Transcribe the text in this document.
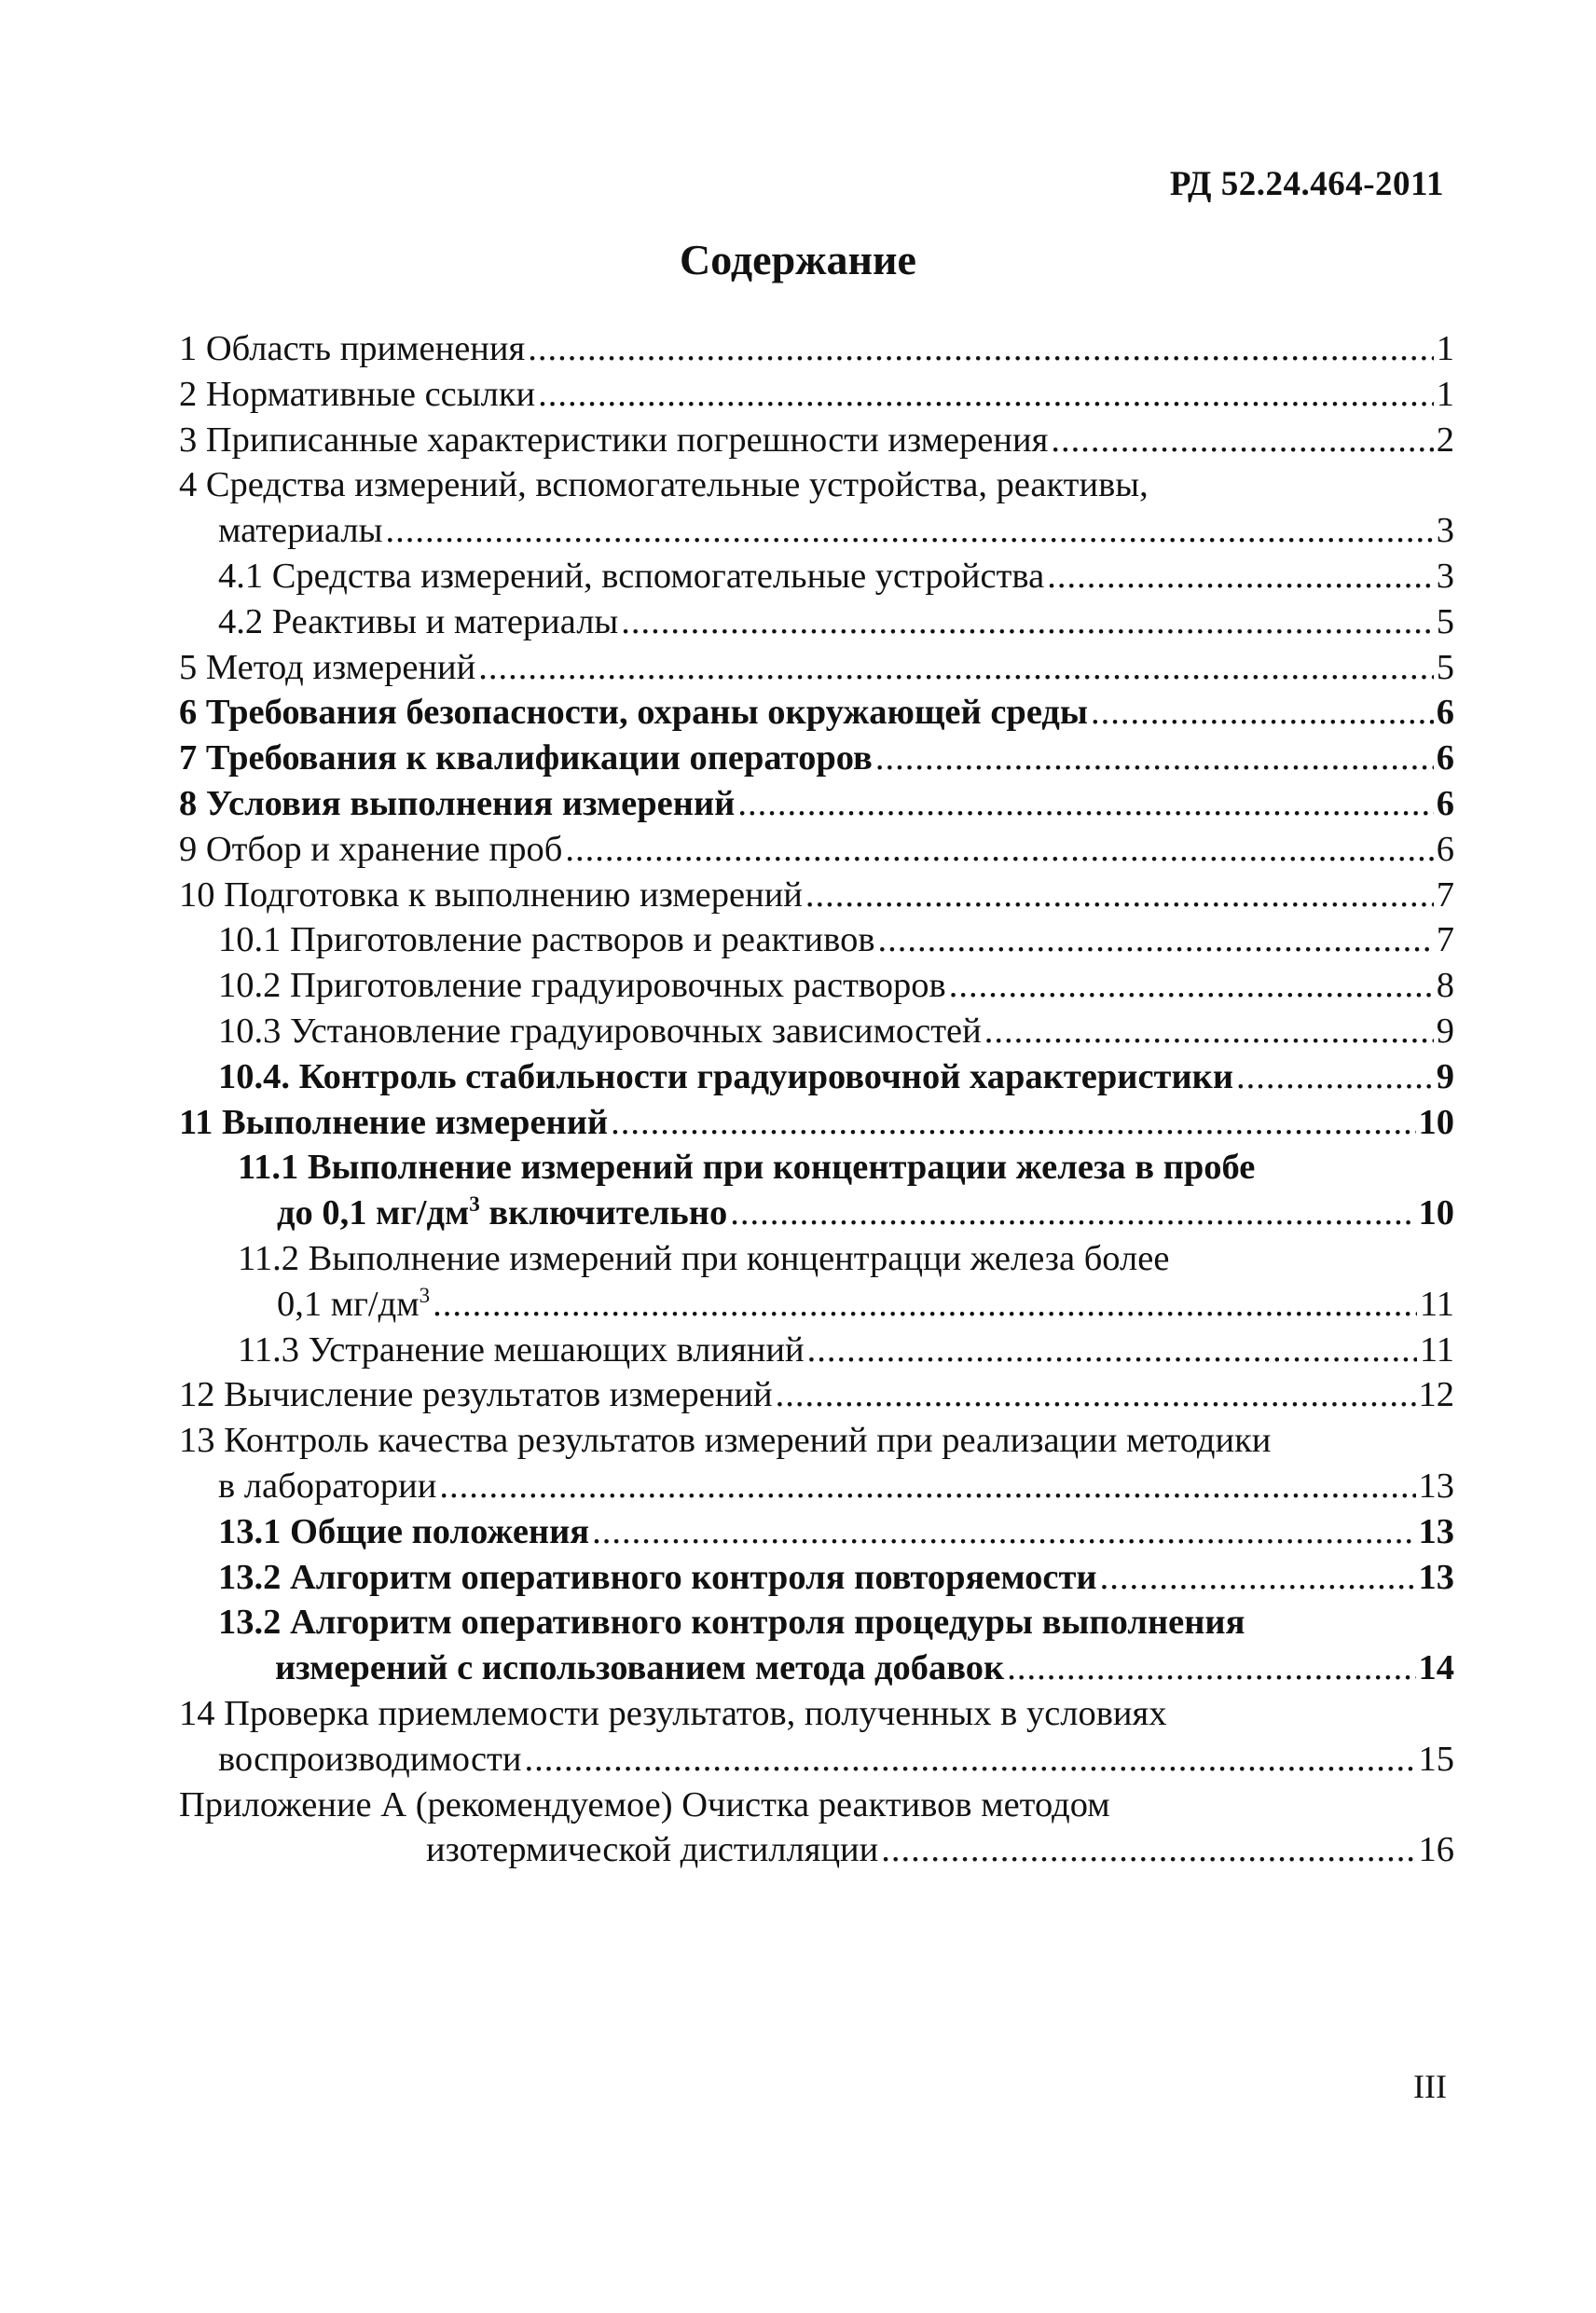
РД 52.24.464-2011
Содержание
1 Область применения .....	1
2 Нормативные ссылки .....	1
3 Приписанные характеристики погрешности измерения .....	2
4 Средства измерений, вспомогательные устройства, реактивы,
материалы .....	3
4.1 Средства измерений, вспомогательные устройства .....	3
4.2 Реактивы и материалы .....	5
5 Метод измерений .....	5
6 Требования безопасности, охраны окружающей среды .....	6
7 Требования к квалификации операторов .....	6
8 Условия выполнения измерений .....	6
9 Отбор и хранение проб .....	6
10 Подготовка к выполнению измерений .....	7
10.1 Приготовление растворов и реактивов .....	7
10.2 Приготовление градуировочных растворов .....	8
10.3 Установление градуировочных зависимостей .....	9
10.4. Контроль стабильности градуировочной характеристики .....	9
11 Выполнение измерений .....	10
11.1 Выполнение измерений при концентрации железа в пробе
до 0,1 $мг/дм^3$ включительно .....	10
11.2 Выполнение измерений при концентрацци железа более
0,1 $мг/дм^3$ .....	11
11.3 Устранение мешающих влияний .....	11
12 Вычисление результатов измерений .....	12
13 Контроль качества результатов измерений при реализации методики
в лаборатории .....	13
13.1 Общие положения .....	13
13.2 Алгоритм оперативного контроля повторяемости .....	13
13.2 Алгоритм оперативного контроля процедуры выполнения
измерений с использованием метода добавок .....	14
14 Проверка приемлемости результатов, полученных в условиях
воспроизводимости .....	15
Приложение А (рекомендуемое) Очистка реактивов методом
изотермической дистилляции .....	16
III
